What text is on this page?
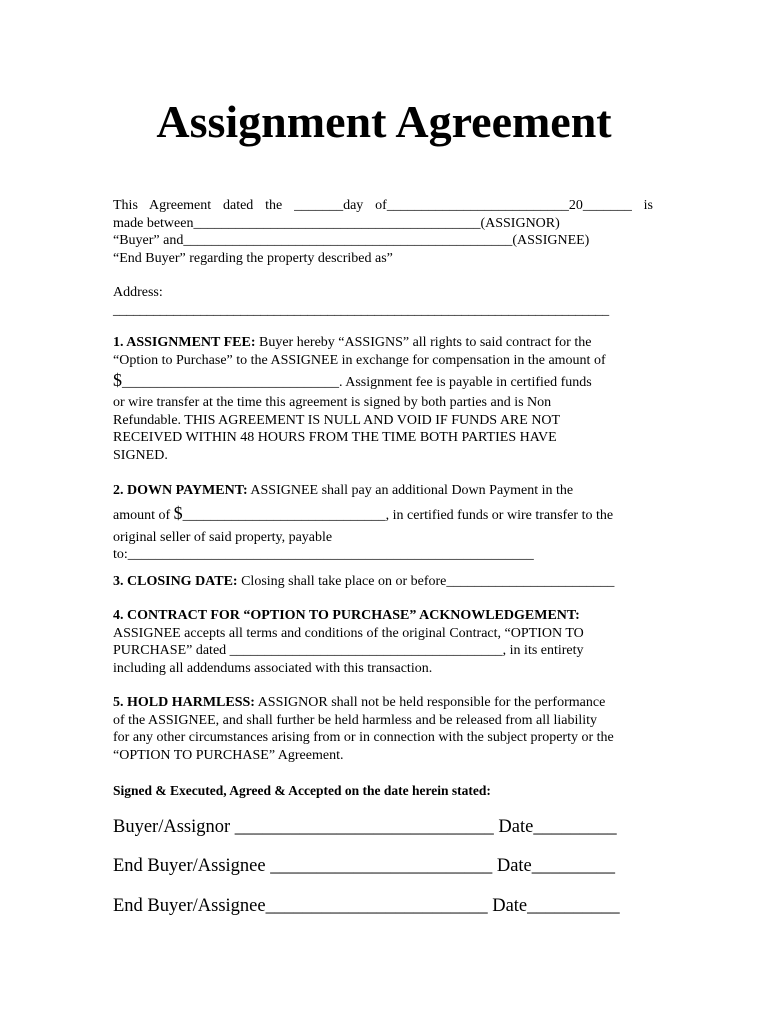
Assignment Agreement
This Agreement dated the _______day of__________________________20_______ is
made between_________________________________________(ASSIGNOR)
“Buyer” and_______________________________________________(ASSIGNEE)
“End Buyer” regarding the property described as”
Address:
__________________________________________________________________________
1. ASSIGNMENT FEE: Buyer hereby “ASSIGNS” all rights to said contract for the
“Option to Purchase” to the ASSIGNEE in exchange for compensation in the amount of
$_______________________________. Assignment fee is payable in certified funds
or wire transfer at the time this agreement is signed by both parties and is Non
Refundable. THIS AGREEMENT IS NULL AND VOID IF FUNDS ARE NOT
RECEIVED WITHIN 48 HOURS FROM THE TIME BOTH PARTIES HAVE
SIGNED.
2. DOWN PAYMENT: ASSIGNEE shall pay an additional Down Payment in the
amount of $_____________________________, in certified funds or wire transfer to the
original seller of said property, payable
to:__________________________________________________________
3. CLOSING DATE: Closing shall take place on or before________________________
4. CONTRACT FOR “OPTION TO PURCHASE” ACKNOWLEDGEMENT:
ASSIGNEE accepts all terms and conditions of the original Contract, “OPTION TO
PURCHASE” dated _______________________________________, in its entirety
including all addendums associated with this transaction.
5. HOLD HARMLESS: ASSIGNOR shall not be held responsible for the performance
of the ASSIGNEE, and shall further be held harmless and be released from all liability
for any other circumstances arising from or in connection with the subject property or the
“OPTION TO PURCHASE” Agreement.
Signed & Executed, Agreed & Accepted on the date herein stated:
Buyer/Assignor ____________________________ Date_________
End Buyer/Assignee ________________________ Date_________
End Buyer/Assignee________________________ Date__________
